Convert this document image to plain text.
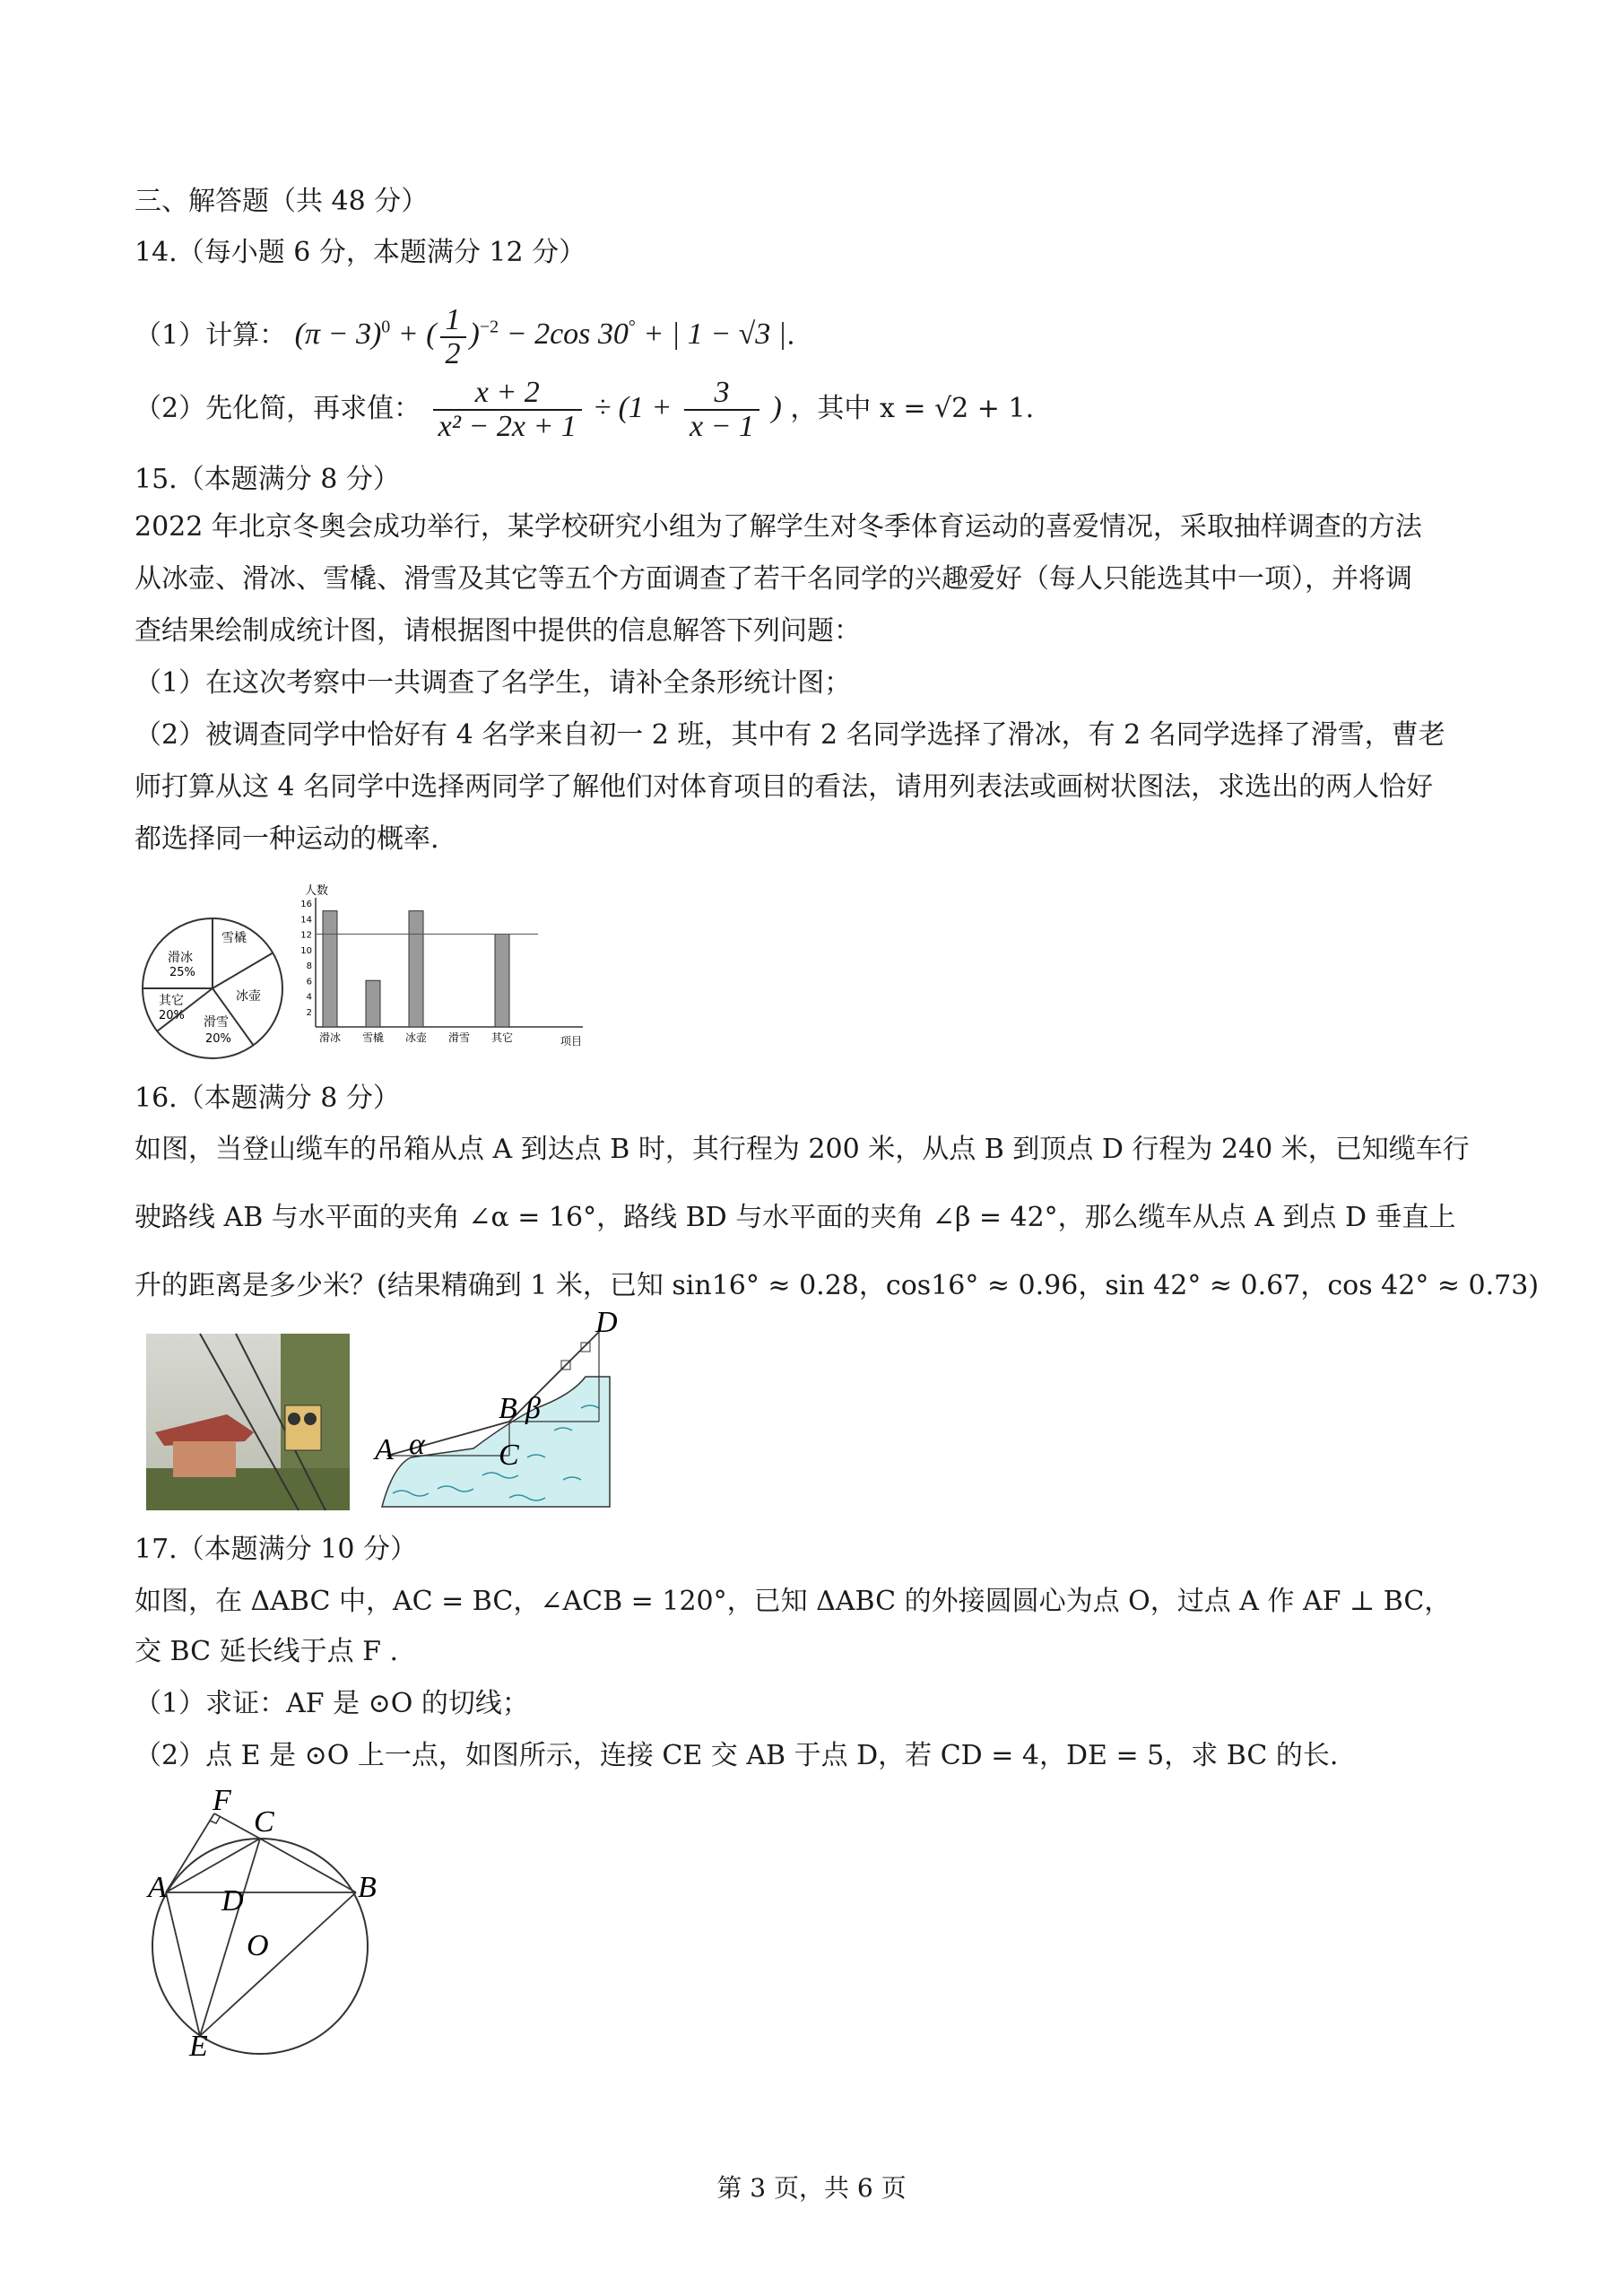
三、解答题（共 48 分）
14.（每小题 6 分，本题满分 12 分）
（1）计算： $(\pi - 3)^0$ + ( $\frac{1}{2} )^{-2} - 2\cos$ 30° + | 1 − √3 |.
（2）先化简，再求值： $\frac{x + 2}{\text{x² − 2x + 1}} \div (1 + \frac{3}{x - 1}$ ) ，其中 x = √2 + 1.
15.（本题满分 8 分）
2022 年北京冬奥会成功举行，某学校研究小组为了解学生对冬季体育运动的喜爱情况，采取抽样调查的方法
从冰壶、滑冰、雪橇、滑雪及其它等五个方面调查了若干名同学的兴趣爱好（每人只能选其中一项），并将调
查结果绘制成统计图，请根据图中提供的信息解答下列问题：
（1）在这次考察中一共调查了名学生，请补全条形统计图；
（2）被调查同学中恰好有 4 名学来自初一 2 班，其中有 2 名同学选择了滑冰，有 2 名同学选择了滑雪，曹老
师打算从这 4 名同学中选择两同学了解他们对体育项目的看法，请用列表法或画树状图法，求选出的两人恰好
都选择同一种运动的概率.
雪橇
冰壶
滑雪
20%
其它
20%
滑冰
25%
人数
项目
2
4
6
8
10
12
14
16
滑冰 雪橇 冰壶 滑雪 其它
16.（本题满分 8 分）
如图，当登山缆车的吊箱从点 A 到达点 B 时，其行程为 200 米，从点 B 到顶点 D 行程为 240 米，已知缆车行
驶路线 AB 与水平面的夹角 ∠α = 16°，路线 BD 与水平面的夹角 ∠β = 42°，那么缆车从点 A 到点 D 垂直上
升的距离是多少米？(结果精确到 1 米，已知 sin16° ≈ 0.28，cos16° ≈ 0.96，sin 42° ≈ 0.67，cos 42° ≈ 0.73)
A
B
C
D
α
β
17.（本题满分 10 分）
如图，在 ΔABC 中，AC = BC，∠ACB = 120°，已知 ΔABC 的外接圆圆心为点 O，过点 A 作 AF ⊥ BC，
交 BC 延长线于点 F .
（1）求证：AF 是 ⊙O 的切线；
（2）点 E 是 ⊙O 上一点，如图所示，连接 CE 交 AB 于点 D，若 CD = 4，DE = 5，求 BC 的长.
F
C
A	B
D
O
E
第 3 页，共 6 页
